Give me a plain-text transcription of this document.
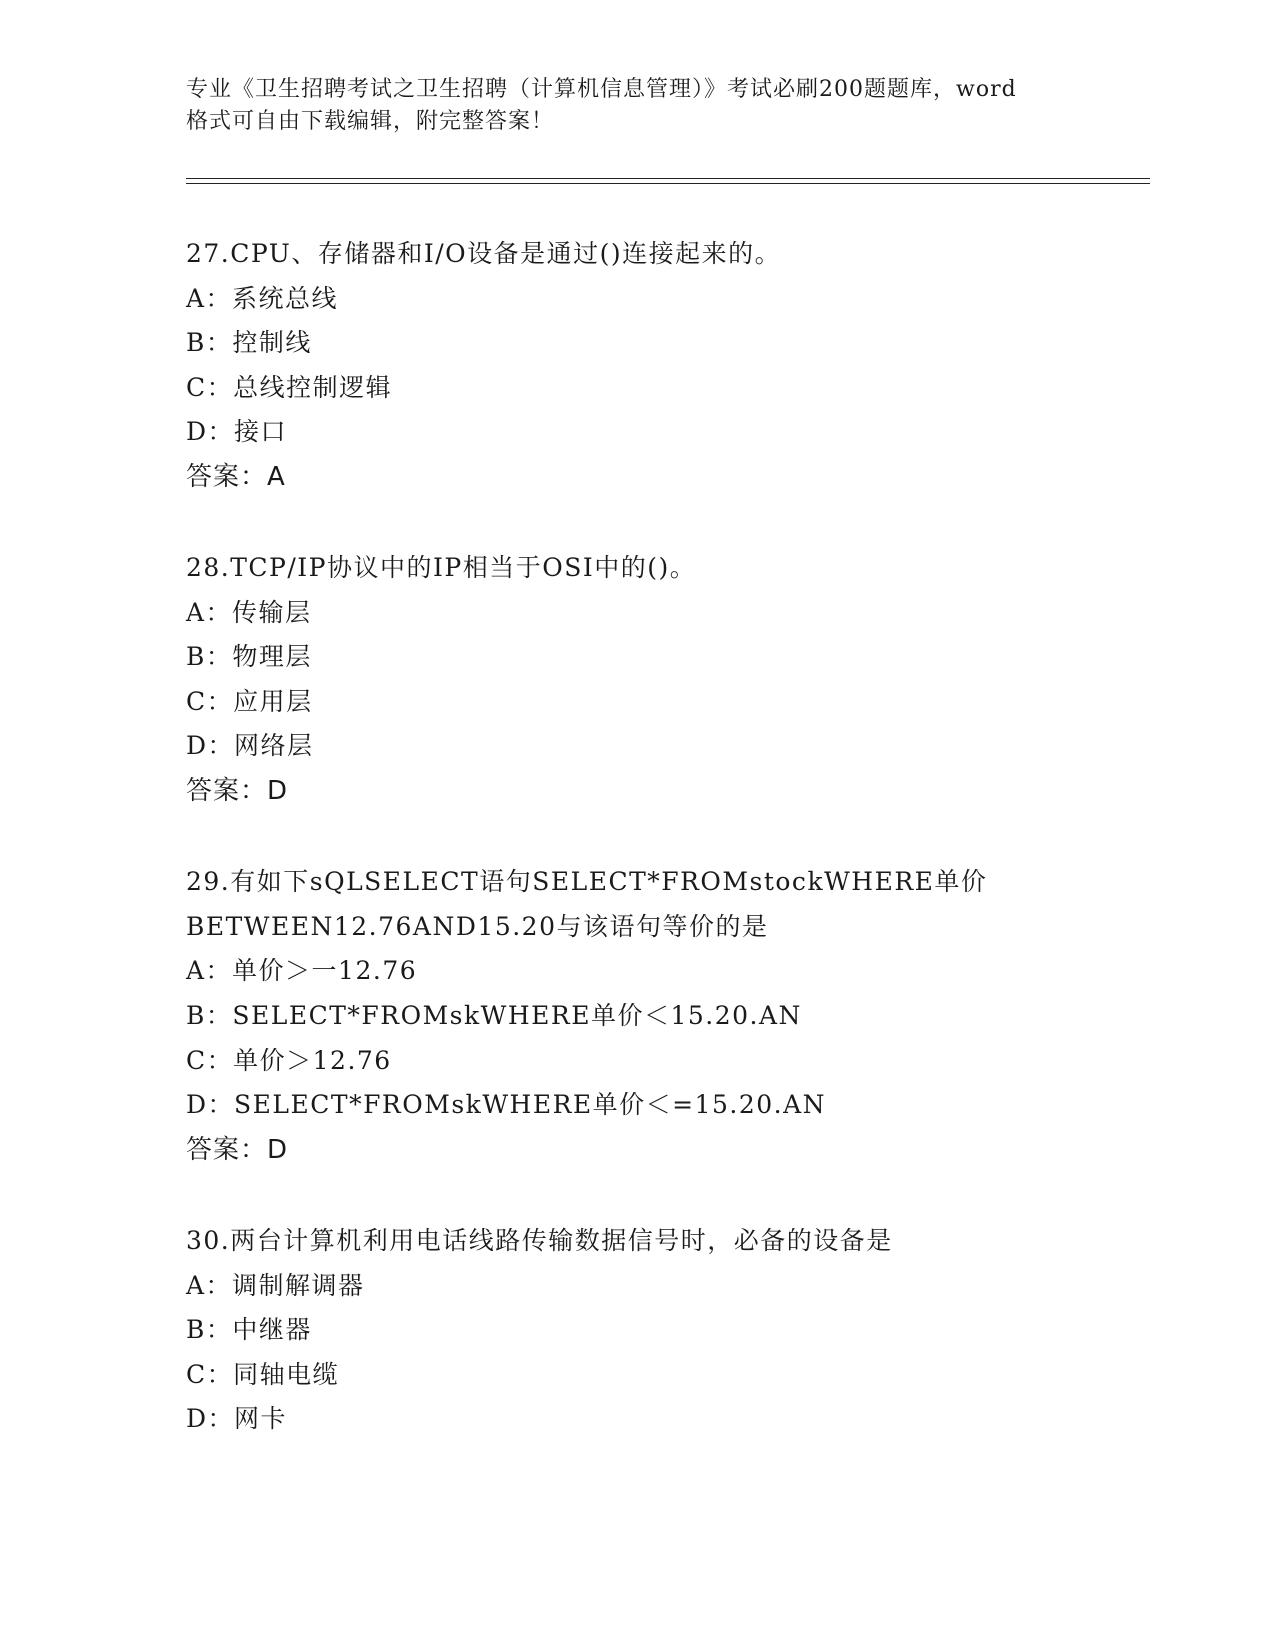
专业《卫生招聘考试之卫生招聘（计算机信息管理）》考试必刷200题题库，word
格式可自由下载编辑，附完整答案！
27.CPU、存储器和I/O设备是通过()连接起来的。
A：系统总线
B：控制线
C：总线控制逻辑
D：接口
答案：A
28.TCP/IP协议中的IP相当于OSI中的()。
A：传输层
B：物理层
C：应用层
D：网络层
答案：D
29.有如下sQLSELECT语句SELECT*FROMstockWHERE单价
BETWEEN12.76AND15.20与该语句等价的是
A：单价＞一12.76
B：SELECT*FROMskWHERE单价＜15.20.AN
C：单价＞12.76
D：SELECT*FROMskWHERE单价＜=15.20.AN
答案：D
30.两台计算机利用电话线路传输数据信号时，必备的设备是
A：调制解调器
B：中继器
C：同轴电缆
D：网卡
